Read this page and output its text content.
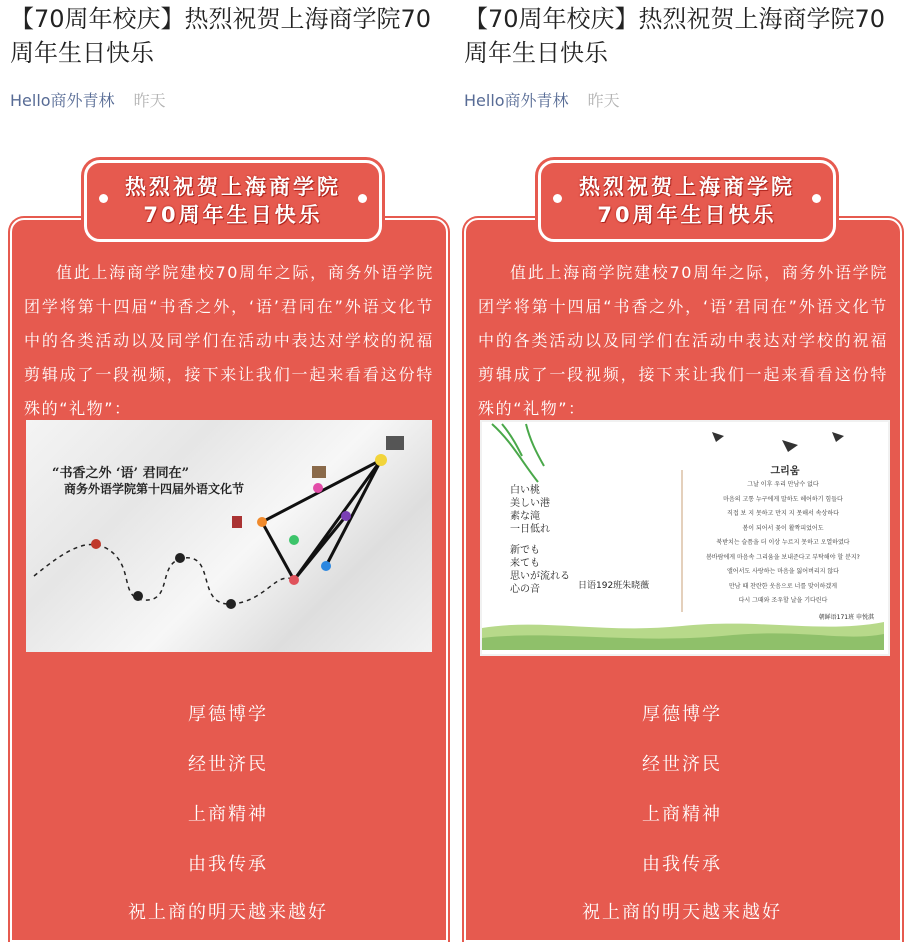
【70周年校庆】热烈祝贺上海商学院70周年生日快乐
Hello商外青林 昨天
热烈祝贺上海商学院
70周年生日快乐
值此上海商学院建校70周年之际，商务外语学院团学将第十四届“书香之外，‘语’君同在”外语文化节中的各类活动以及同学们在活动中表达对学校的祝福剪辑成了一段视频，接下来让我们一起来看看这份特殊的“礼物”：
“书香之外 ‘语’ 君同在”
商务外语学院第十四届外语文化节
厚德博学
经世济民
上商精神
由我传承
祝上商的明天越来越好
【70周年校庆】热烈祝贺上海商学院70周年生日快乐
Hello商外青林 昨天
热烈祝贺上海商学院
70周年生日快乐
值此上海商学院建校70周年之际，商务外语学院团学将第十四届“书香之外，‘语’君同在”外语文化节中的各类活动以及同学们在活动中表达对学校的祝福剪辑成了一段视频，接下来让我们一起来看看这份特殊的“礼物”：
白い桃
美しい港
素な滝
一日低れ
新でも
来ても
思いが流れる
心の音	日语192班朱晓薇
그리움
그날 이후 우리 만남수 없다
마음의 고통 누구에게 말하도 헤어하기 힘들다
직접 보 지 못하고 만지 지 못해서 속상하다
봄이 되어서 꽃이 활짝피었어도
북받치는 슬픔을 더 이상 누르지 못하고 오열하였다
봄바람에게 마음속 그리움을 보내준다고 부탁해야 할 분지?
앨어서도 사랑하는 마음을 잃어버리지 않다
만남 때 찬란한 웃음으로 너를 맞이하겠게
다시 그때와 조우할 날을 기다린다
朝鲜语171班 申悦淇
厚德博学
经世济民
上商精神
由我传承
祝上商的明天越来越好
